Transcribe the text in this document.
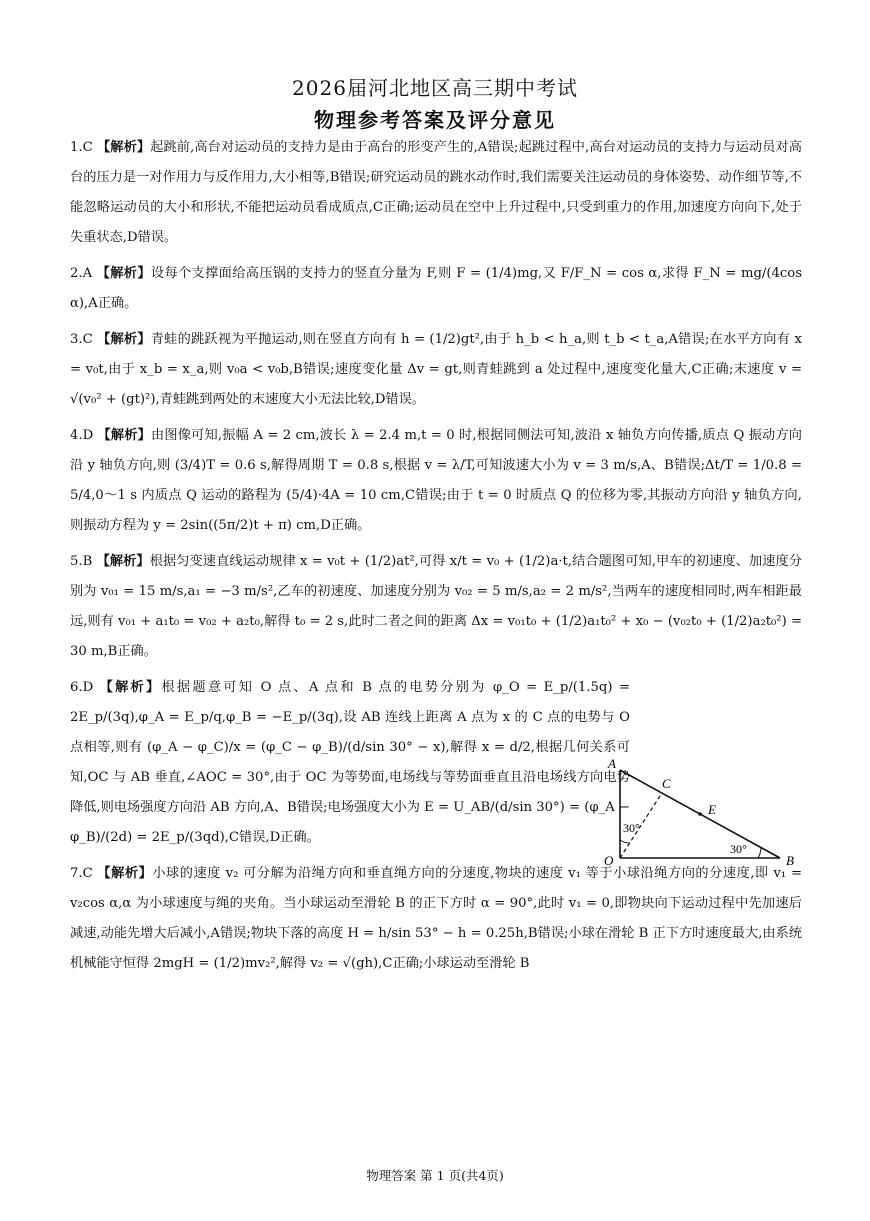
2026届河北地区高三期中考试
物理参考答案及评分意见
1.C 【解析】起跳前,高台对运动员的支持力是由于高台的形变产生的,A错误;起跳过程中,高台对运动员的支持力与运动员对高台的压力是一对作用力与反作用力,大小相等,B错误;研究运动员的跳水动作时,我们需要关注运动员的身体姿势、动作细节等,不能忽略运动员的大小和形状,不能把运动员看成质点,C正确;运动员在空中上升过程中,只受到重力的作用,加速度方向向下,处于失重状态,D错误。
2.A 【解析】设每个支撑面给高压锅的支持力的竖直分量为 F,则 F = (1/4)mg,又 F/F_N = cos α,求得 F_N = mg/(4cos α),A正确。
3.C 【解析】青蛙的跳跃视为平抛运动,则在竖直方向有 h = (1/2)gt²,由于 h_b < h_a,则 t_b < t_a,A错误;在水平方向有 x = v₀t,由于 x_b = x_a,则 v₀a < v₀b,B错误;速度变化量 Δv = gt,则青蛙跳到 a 处过程中,速度变化量大,C正确;末速度 v = √(v₀² + (gt)²),青蛙跳到两处的末速度大小无法比较,D错误。
4.D 【解析】由图像可知,振幅 A = 2 cm,波长 λ = 2.4 m,t = 0 时,根据同侧法可知,波沿 x 轴负方向传播,质点 Q 振动方向沿 y 轴负方向,则 (3/4)T = 0.6 s,解得周期 T = 0.8 s,根据 v = λ/T,可知波速大小为 v = 3 m/s,A、B错误;Δt/T = 1/0.8 = 5/4,0～1 s 内质点 Q 运动的路程为 (5/4)·4A = 10 cm,C错误;由于 t = 0 时质点 Q 的位移为零,其振动方向沿 y 轴负方向,则振动方程为 y = 2sin((5π/2)t + π) cm,D正确。
5.B 【解析】根据匀变速直线运动规律 x = v₀t + (1/2)at²,可得 x/t = v₀ + (1/2)a·t,结合题图可知,甲车的初速度、加速度分别为 v₀₁ = 15 m/s,a₁ = −3 m/s²,乙车的初速度、加速度分别为 v₀₂ = 5 m/s,a₂ = 2 m/s²,当两车的速度相同时,两车相距最远,则有 v₀₁ + a₁t₀ = v₀₂ + a₂t₀,解得 t₀ = 2 s,此时二者之间的距离 Δx = v₀₁t₀ + (1/2)a₁t₀² + x₀ − (v₀₂t₀ + (1/2)a₂t₀²) = 30 m,B正确。
6.D 【解析】根据题意可知 O 点、A 点和 B 点的电势分别为 φ_O = E_p/(1.5q) = 2E_p/(3q),φ_A = E_p/q,φ_B = −E_p/(3q),设 AB 连线上距离 A 点为 x 的 C 点的电势与 O 点相等,则有 (φ_A − φ_C)/x = (φ_C − φ_B)/(d/sin 30° − x),解得 x = d/2,根据几何关系可知,OC 与 AB 垂直,∠AOC = 30°,由于 OC 为等势面,电场线与等势面垂直且沿电场线方向电势降低,则电场强度方向沿 AB 方向,A、B错误;电场强度大小为 E = U_AB/(d/sin 30°) = (φ_A − φ_B)/(2d) = 2E_p/(3qd),C错误,D正确。
7.C 【解析】小球的速度 v₂ 可分解为沿绳方向和垂直绳方向的分速度,物块的速度 v₁ 等于小球沿绳方向的分速度,即 v₁ = v₂cos α,α 为小球速度与绳的夹角。当小球运动至滑轮 B 的正下方时 α = 90°,此时 v₁ = 0,即物块向下运动过程中先加速后减速,动能先增大后减小,A错误;物块下落的高度 H = h/sin 53° − h = 0.25h,B错误;小球在滑轮 B 正下方时速度最大,由系统机械能守恒得 2mgH = (1/2)mv₂²,解得 v₂ = √(gh),C正确;小球运动至滑轮 B
A
C
E
O	B
30°
30°
物理答案 第 1 页(共4页)
